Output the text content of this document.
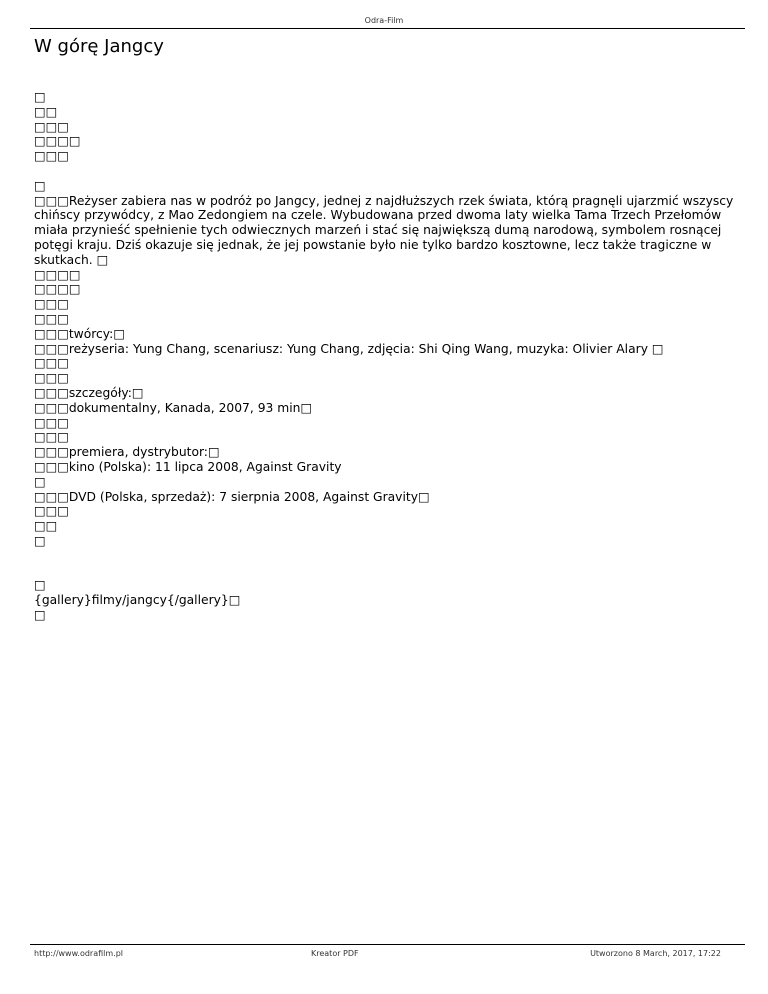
Odra-Film
W górę Jangcy
□
□□
□□□
□□□□
□□□
□
□□□Reżyser zabiera nas w podróż po Jangcy, jednej z najdłuższych rzek świata, którą pragnęli ujarzmić wszyscy chińscy przywódcy, z Mao Zedongiem na czele. Wybudowana przed dwoma laty wielka Tama Trzech Przełomów miała przynieść spełnienie tych odwiecznych marzeń i stać się największą dumą narodową, symbolem rosnącej potęgi kraju. Dziś okazuje się jednak, że jej powstanie było nie tylko bardzo kosztowne, lecz także tragiczne w skutkach. □
□□□□
□□□□
□□□
□□□
□□□twórcy:□
□□□reżyseria: Yung Chang, scenariusz: Yung Chang, zdjęcia: Shi Qing Wang, muzyka: Olivier Alary □
□□□
□□□
□□□szczegóły:□
□□□dokumentalny, Kanada, 2007, 93 min□
□□□
□□□
□□□premiera, dystrybutor:□
□□□kino (Polska): 11 lipca 2008, Against Gravity
□
□□□DVD (Polska, sprzedaż): 7 sierpnia 2008, Against Gravity□
□□□
□□
□
□
{gallery}filmy/jangcy{/gallery}□
□
http://www.odrafilm.pl	Kreator PDF	Utworzono 8 March, 2017, 17:22
